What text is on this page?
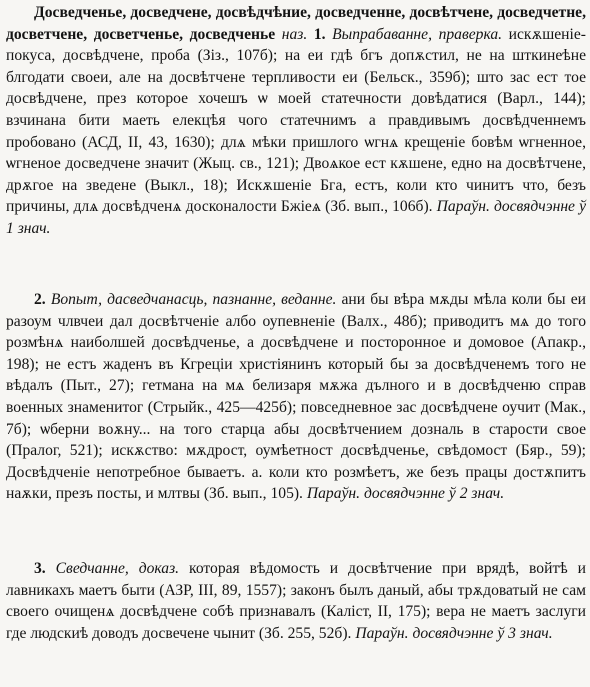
Досведченье, досведчене, досвѣдчѣние, досведченне, досвѣтчене, досведчетне, досветчене, досветченье, досведченье наз. 1. Выпрабаванне, праверка. искѫшеніе-покуса, досвѣдчене, проба (Зіз., 107б); на еи гдѣ бгъ допѫстил, не на шткинеѣне блгодати своеи, але на досвѣтчене терпливости еи (Бельск., 359б); што зас ест тое досвѣдчене, през которое хочешъ ѡ моей статечности довѣдатися (Варл., 144); взчинана бити маеть елекцѣя чого статечнимъ а правдивымъ досвѣдченнемъ пробовано (АСД, II, 43, 1630); длѧ мѣки пришлого ѡгнѧ крещеніе бовѣм ѡгненное, ѡгненое досведчене значит (Жыц. св., 121); Двоѧкое ест кѫшене, едно на досвѣтчене, дрѫгое на зведене (Выкл., 18); Искѫшеніе Бга, естъ, коли кто чинитъ что, безъ причины, длѧ досвѣдченѧ досконалости Бжіеѧ (Зб. вып., 106б). Параўн. досвядчэнне ў 1 знач.
2. Вопыт, дасведчанасць, пазнанне, веданне. ани бы вѣра мѫды мѣла коли бы еи разоум члвчеи дал досвѣтченіе албо оупевненіе (Валх., 48б); приводитъ мѧ до того розмѣнѧ наиболшей досвѣдченье, а досвѣдчене и посторонное и домовое (Апакр., 198); не естъ жаденъ въ Кгреціи христіянинъ который бы за досвѣдченемъ того не вѣдалъ (Пыт., 27); гетмана на мѧ белизаря мѫжа дълного и в досвѣдченю справ военных знаменитог (Стрыйк., 425—425б); повседневное зас досвѣдчене оучит (Мак., 7б); ѡберни воѫну... на того старца абы досвѣтчением дозналь в старости свое (Пралог, 521); искѫство: мѫдрост, оумѣетност досвѣдченье, свѣдомост (Бяр., 59); Досвѣдченіе непотребное бываетъ. а. коли кто розмѣетъ, же безъ працы достѫпитъ наѫки, презъ посты, и млтвы (Зб. вып., 105). Параўн. досвядчэнне ў 2 знач.
3. Сведчанне, доказ. которая вѣдомость и досвѣтчение при врядѣ, войтѣ и лавникахъ маетъ быти (АЗР, III, 89, 1557); законъ былъ даный, абы трѫдоватый не сам своего очищенѧ досвѣдчене собѣ признавалъ (Каліст, II, 175); вера не маетъ заслуги где людскиѣ доводъ досвечене чынит (Зб. 255, 52б). Параўн. досвядчэнне ў 3 знач.
